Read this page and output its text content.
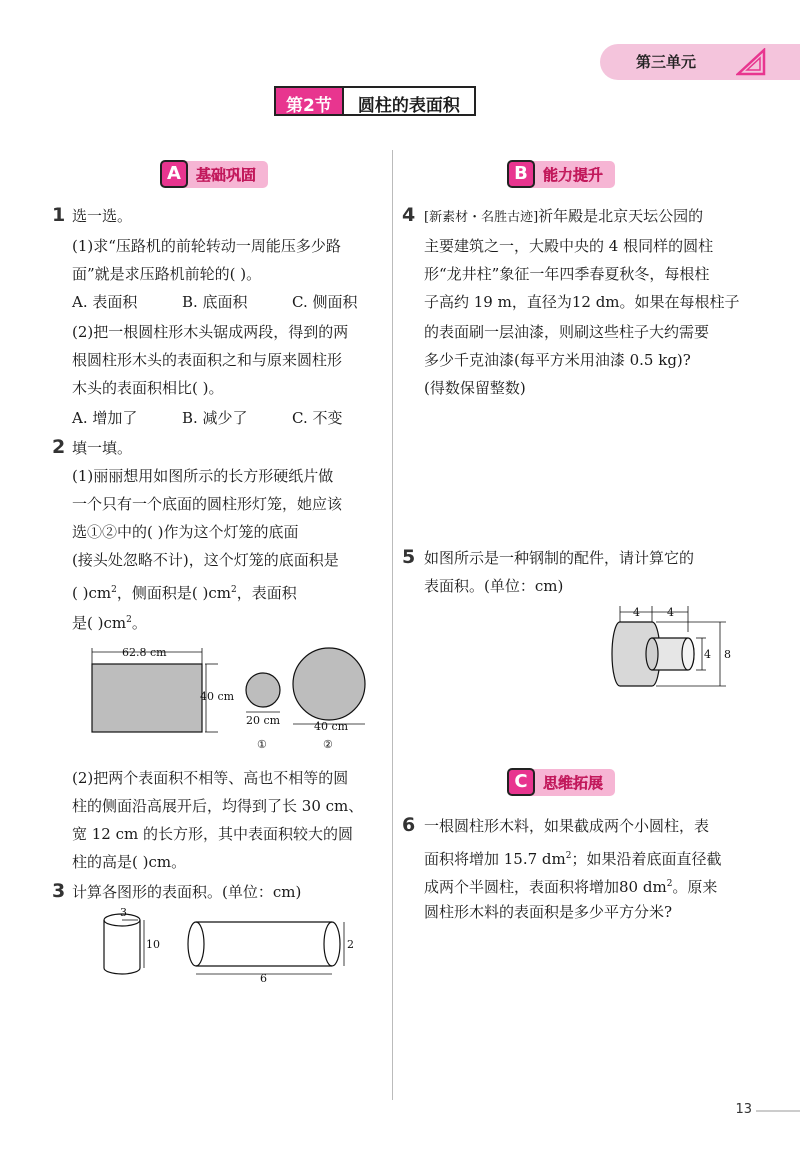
第三单元
第2节	圆柱的表面积
A	基础巩固
1 选一选。
(1)求“压路机的前轮转动一周能压多少路
面”就是求压路机前轮的( )。
A. 表面积	B. 底面积	C. 侧面积
(2)把一根圆柱形木头锯成两段，得到的两
根圆柱形木头的表面积之和与原来圆柱形
木头的表面积相比( )。
A. 增加了	B. 减少了	C. 不变
2 填一填。
(1)丽丽想用如图所示的长方形硬纸片做
一个只有一个底面的圆柱形灯笼，她应该
选①②中的( )作为这个灯笼的底面
(接头处忽略不计)，这个灯笼的底面积是
( )$cm^2$，侧面积是( )$cm^2$，表面积
是( )$cm^2$。
62.8 cm
40 cm
20 cm
①
40 cm
②
(2)把两个表面积不相等、高也不相等的圆
柱的侧面沿高展开后，均得到了长 30 cm、
宽 12 cm 的长方形，其中表面积较大的圆
柱的高是( )cm。
3 计算各图形的表面积。(单位：cm)
3
10	2
6
B	能力提升
4 [新素材・名胜古迹]祈年殿是北京天坛公园的
主要建筑之一，大殿中央的 4 根同样的圆柱
形“龙井柱”象征一年四季春夏秋冬，每根柱
子高约 19 m，直径为12 dm。如果在每根柱子
的表面刷一层油漆，则刷这些柱子大约需要
多少千克油漆(每平方米用油漆 0.5 kg)?
(得数保留整数)
5 如图所示是一种钢制的配件，请计算它的
表面积。(单位：cm)
4 4
4 8
C	思维拓展
6 一根圆柱形木料，如果截成两个小圆柱，表
面积将增加 15.7 $dm^2$；如果沿着底面直径截
成两个半圆柱，表面积将增加80 $dm^2$。原来
圆柱形木料的表面积是多少平方分米?
13
